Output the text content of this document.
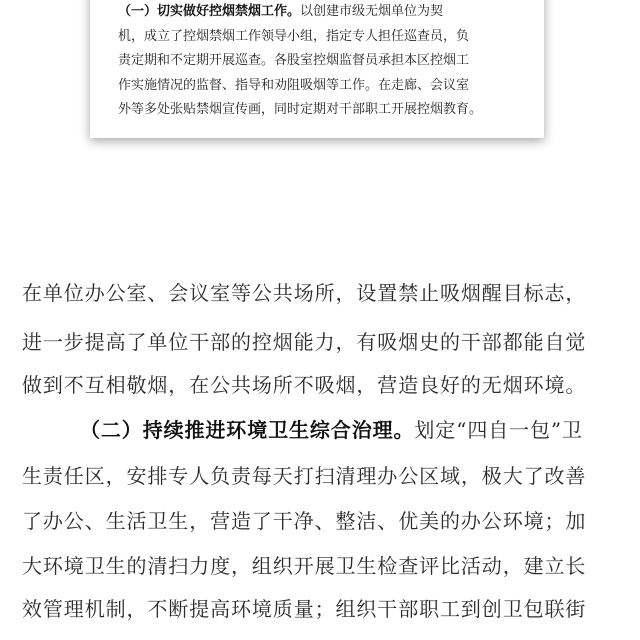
（一）切实做好控烟禁烟工作。以创建市级无烟单位为契
机，成立了控烟禁烟工作领导小组，指定专人担任巡查员，负
责定期和不定期开展巡查。各股室控烟监督员承担本区控烟工
作实施情况的监督、指导和劝阻吸烟等工作。在走廊、会议室
外等多处张贴禁烟宣传画，同时定期对干部职工开展控烟教育。
在单位办公室、会议室等公共场所，设置禁止吸烟醒目标志，
进一步提高了单位干部的控烟能力，有吸烟史的干部都能自觉
做到不互相敬烟，在公共场所不吸烟，营造良好的无烟环境。
（二）持续推进环境卫生综合治理。划定“四自一包”卫
生责任区，安排专人负责每天打扫清理办公区域，极大了改善
了办公、生活卫生，营造了干净、整洁、优美的办公环境；加
大环境卫生的清扫力度，组织开展卫生检查评比活动，建立长
效管理机制，不断提高环境质量；组织干部职工到创卫包联街
